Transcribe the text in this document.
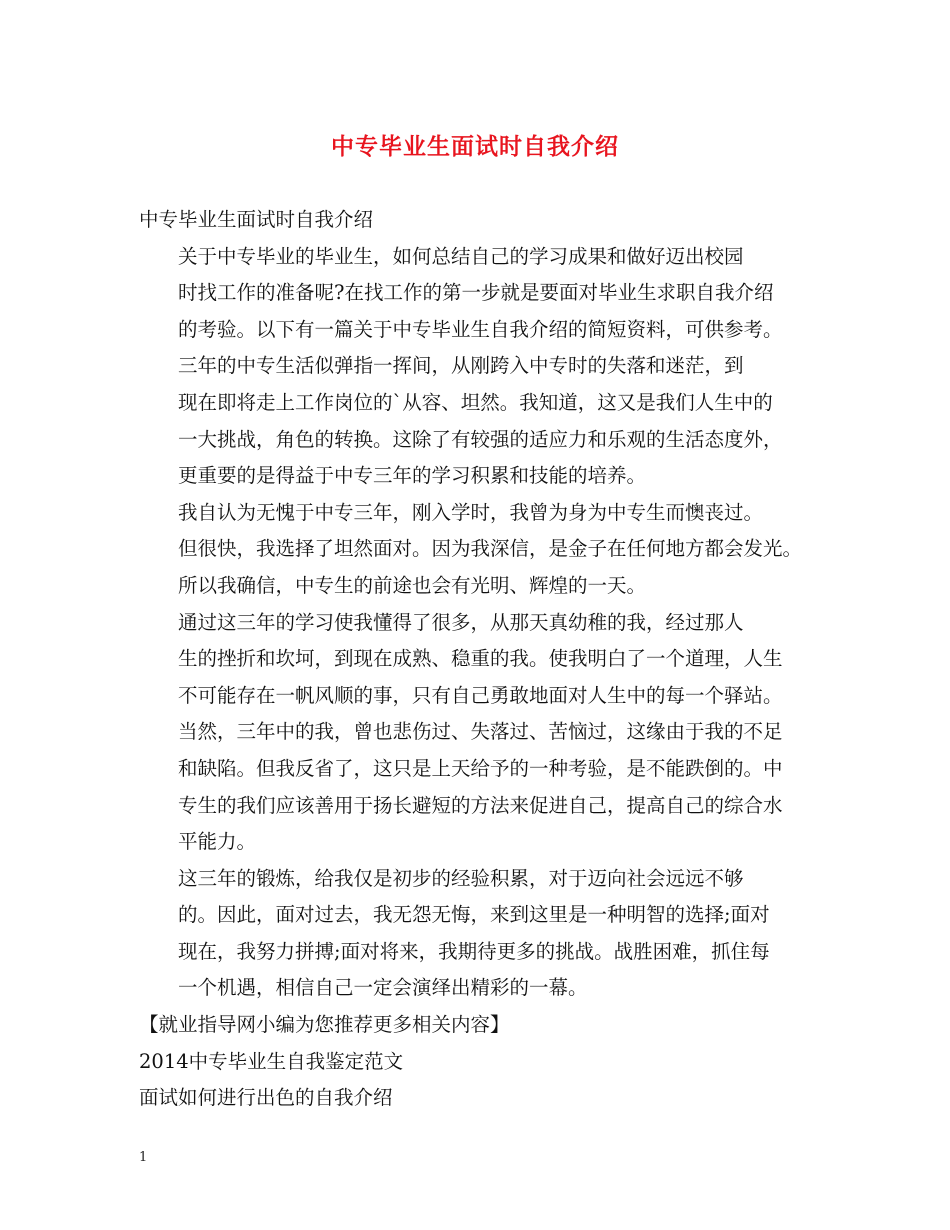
中专毕业生面试时自我介绍
中专毕业生面试时自我介绍
关于中专毕业的毕业生，如何总结自己的学习成果和做好迈出校园
时找工作的准备呢?在找工作的第一步就是要面对毕业生求职自我介绍
的考验。以下有一篇关于中专毕业生自我介绍的简短资料，可供参考。
三年的中专生活似弹指一挥间，从刚跨入中专时的失落和迷茫，到
现在即将走上工作岗位的`从容、坦然。我知道，这又是我们人生中的
一大挑战，角色的转换。这除了有较强的适应力和乐观的生活态度外，
更重要的是得益于中专三年的学习积累和技能的培养。
我自认为无愧于中专三年，刚入学时，我曾为身为中专生而懊丧过。
但很快，我选择了坦然面对。因为我深信，是金子在任何地方都会发光。
所以我确信，中专生的前途也会有光明、辉煌的一天。
通过这三年的学习使我懂得了很多，从那天真幼稚的我，经过那人
生的挫折和坎坷，到现在成熟、稳重的我。使我明白了一个道理，人生
不可能存在一帆风顺的事，只有自己勇敢地面对人生中的每一个驿站。
当然，三年中的我，曾也悲伤过、失落过、苦恼过，这缘由于我的不足
和缺陷。但我反省了，这只是上天给予的一种考验，是不能跌倒的。中
专生的我们应该善用于扬长避短的方法来促进自己，提高自己的综合水
平能力。
这三年的锻炼，给我仅是初步的经验积累，对于迈向社会远远不够
的。因此，面对过去，我无怨无悔，来到这里是一种明智的选择;面对
现在，我努力拼搏;面对将来，我期待更多的挑战。战胜困难，抓住每
一个机遇，相信自己一定会演绎出精彩的一幕。
【就业指导网小编为您推荐更多相关内容】
2014中专毕业生自我鉴定范文
面试如何进行出色的自我介绍
1
